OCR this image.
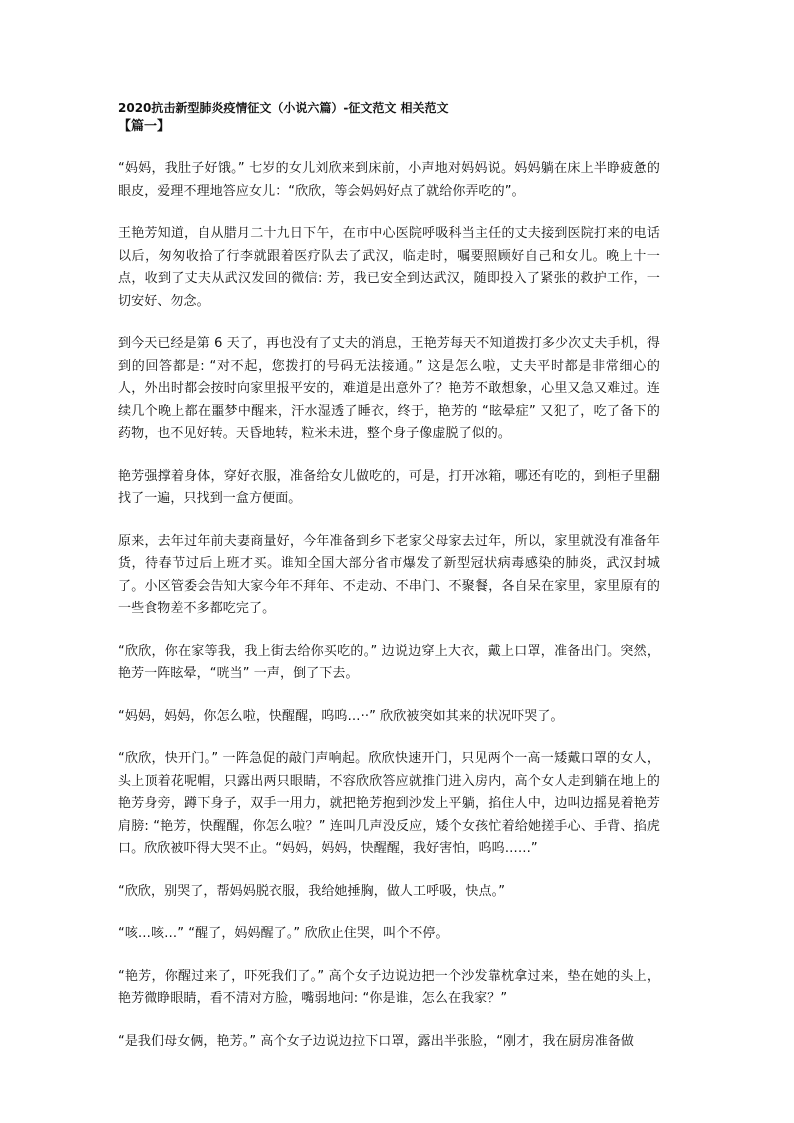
2020抗击新型肺炎疫情征文（小说六篇）-征文范文 相关范文
【篇一】

“妈妈，我肚子好饿。” 七岁的女儿刘欣来到床前，小声地对妈妈说。妈妈躺在床上半睁疲惫的眼皮，爱理不理地答应女儿：“欣欣，等会妈妈好点了就给你弄吃的”。

王艳芳知道，自从腊月二十九日下午，在市中心医院呼吸科当主任的丈夫接到医院打来的电话以后，匆匆收拾了行李就跟着医疗队去了武汉，临走时，嘱要照顾好自己和女儿。晚上十一点，收到了丈夫从武汉发回的微信: 芳，我已安全到达武汉，随即投入了紧张的救护工作，一切安好、勿念。

到今天已经是第 6 天了，再也没有了丈夫的消息，王艳芳每天不知道拨打多少次丈夫手机，得到的回答都是: “对不起，您拨打的号码无法接通。” 这是怎么啦，丈夫平时都是非常细心的人，外出时都会按时向家里报平安的，难道是出意外了？艳芳不敢想象，心里又急又难过。连续几个晚上都在噩梦中醒来，汗水湿透了睡衣，终于，艳芳的 “眩晕症” 又犯了，吃了备下的药物，也不见好转。天昏地转，粒米未进，整个身子像虚脱了似的。

艳芳强撑着身体，穿好衣服，准备给女儿做吃的，可是，打开冰箱，哪还有吃的，到柜子里翻找了一遍，只找到一盒方便面。

原来，去年过年前夫妻商量好，今年准备到乡下老家父母家去过年，所以，家里就没有准备年货，待春节过后上班才买。谁知全国大部分省市爆发了新型冠状病毒感染的肺炎，武汉封城了。小区管委会告知大家今年不拜年、不走动、不串门、不聚餐，各自呆在家里，家里原有的一些食物差不多都吃完了。

“欣欣，你在家等我，我上街去给你买吃的。” 边说边穿上大衣，戴上口罩，准备出门。突然，艳芳一阵眩晕，“咣当” 一声，倒了下去。

“妈妈，妈妈，你怎么啦，快醒醒，呜呜…··” 欣欣被突如其来的状况吓哭了。

“欣欣，快开门。” 一阵急促的敲门声响起。欣欣快速开门，只见两个一高一矮戴口罩的女人，头上顶着花呢帽，只露出两只眼睛，不容欣欣答应就推门进入房内，高个女人走到躺在地上的艳芳身旁，蹲下身子，双手一用力，就把艳芳抱到沙发上平躺，掐住人中，边叫边摇晃着艳芳肩膀: “艳芳，快醒醒，你怎么啦？” 连叫几声没反应，矮个女孩忙着给她搓手心、手背、掐虎口。欣欣被吓得大哭不止。“妈妈，妈妈，快醒醒，我好害怕，呜呜……”

“欣欣，别哭了，帮妈妈脱衣服，我给她捶胸，做人工呼吸，快点。”

“咳…咳…” “醒了，妈妈醒了。” 欣欣止住哭，叫个不停。

“艳芳，你醒过来了，吓死我们了。” 高个女子边说边把一个沙发靠枕拿过来，垫在她的头上，艳芳微睁眼睛，看不清对方脸，嘴弱地问: “你是谁，怎么在我家？”

“是我们母女俩，艳芳。” 高个女子边说边拉下口罩，露出半张脸，“刚才，我在厨房准备做
